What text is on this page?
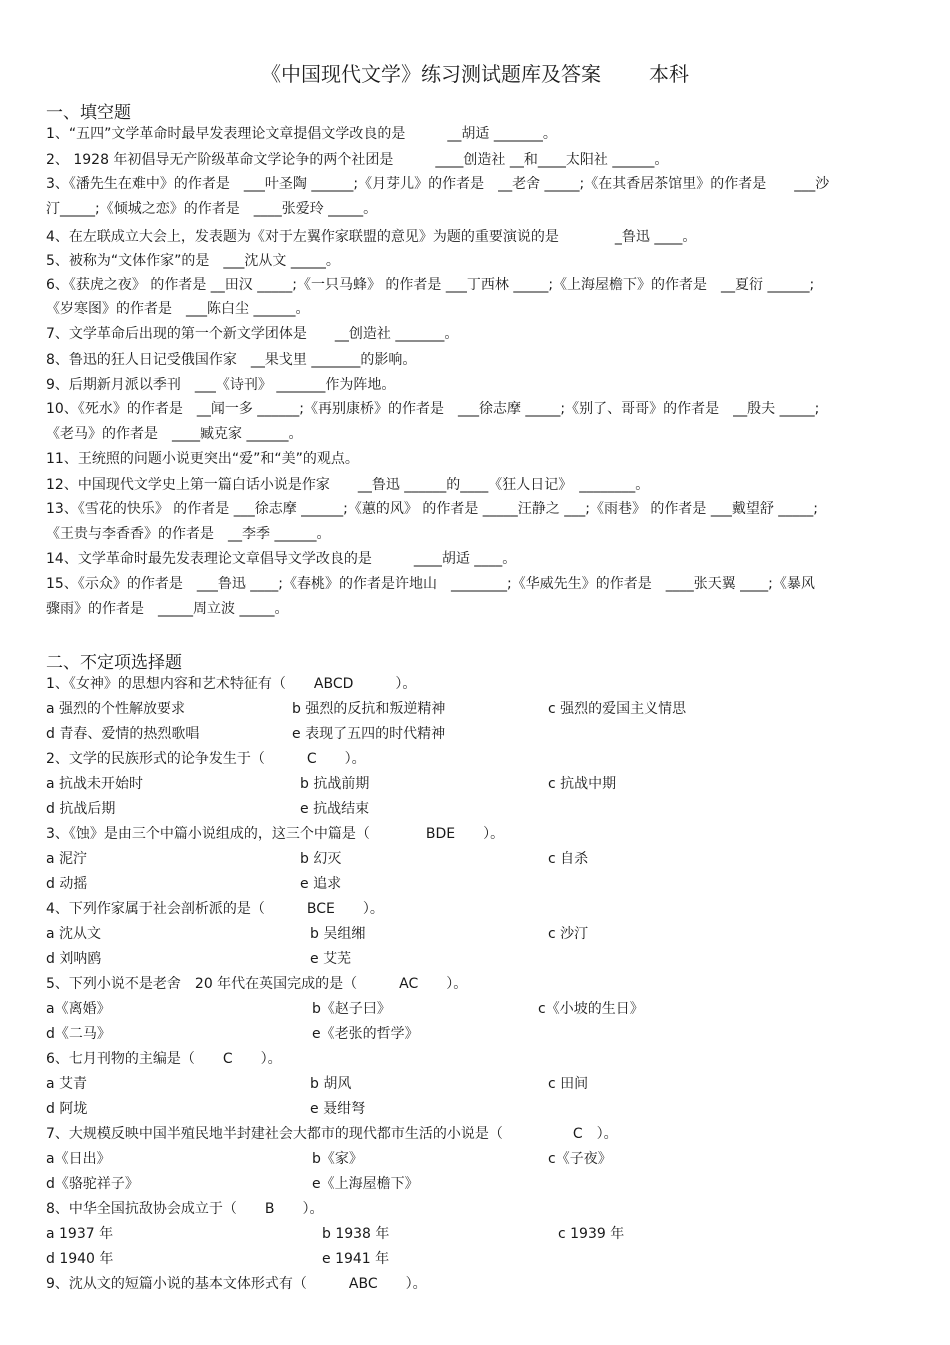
《中国现代文学》练习测试题库及答案 本科
一、填空题
1、“五四”文学革命时最早发表理论文章提倡文学改良的是　　　__胡适 _______。
2、 1928 年初倡导无产阶级革命文学论争的两个社团是　　　____创造社 __和____太阳社 ______。
3、《潘先生在难中》的作者是　___叶圣陶 ______;《月芽儿》的作者是　__老舍 _____;《在其香居茶馆里》的作者是　　___沙
汀_____;《倾城之恋》的作者是　____张爱玲 _____。
4、在左联成立大会上，发表题为《对于左翼作家联盟的意见》为题的重要演说的是　　　　_鲁迅 ____。
5、被称为“文体作家”的是　___沈从文 _____。
6、《获虎之夜》 的作者是 __田汉 _____;《一只马蜂》 的作者是 ___丁西林 _____;《上海屋檐下》的作者是　__夏衍 ______;
《岁寒图》的作者是　___陈白尘 ______。
7、文学革命后出现的第一个新文学团体是　　__创造社 _______。
8、鲁迅的狂人日记受俄国作家　__果戈里 _______的影响。
9、后期新月派以季刊　___《诗刊》 _______作为阵地。
10、《死水》的作者是　__闻一多 ______;《再别康桥》的作者是　___徐志摩 _____;《别了、哥哥》的作者是　__殷夫 _____;
《老马》的作者是　____臧克家 ______。
11、王统照的问题小说更突出“爱”和“美”的观点。
12、中国现代文学史上第一篇白话小说是作家　　__鲁迅 ______的____《狂人日记》　________。
13、《雪花的快乐》 的作者是 ___徐志摩 ______;《蕙的风》 的作者是 _____汪静之 ___;《雨巷》 的作者是 ___戴望舒 _____;
《王贵与李香香》的作者是　__李季 ______。
14、文学革命时最先发表理论文章倡导文学改良的是　　　____胡适 ____。
15、《示众》的作者是　___鲁迅 ____;《春桃》的作者是许地山　________;《华威先生》的作者是　____张天翼 ____;《暴风
骤雨》的作者是　_____周立波 _____。
二、不定项选择题
1、《女神》的思想内容和艺术特征有（　　ABCD　　　）。
a 强烈的个性解放要求	b 强烈的反抗和叛逆精神	c 强烈的爱国主义情思
d 青春、爱情的热烈歌唱	e 表现了五四的时代精神
2、文学的民族形式的论争发生于（　　　C　　）。
a 抗战未开始时	b 抗战前期	c 抗战中期
d 抗战后期	e 抗战结束
3、《蚀》是由三个中篇小说组成的，这三个中篇是（　　　　BDE　　）。
a 泥泞	b 幻灭	c 自杀
d 动摇	e 追求
4、下列作家属于社会剖析派的是（　　　BCE　　）。
a 沈从文	b 吴组缃	c 沙汀
d 刘呐鸥	e 艾芜
5、下列小说不是老舍　20 年代在英国完成的是（　　　AC　　）。
a《离婚》	b《赵子曰》	c《小坡的生日》
d《二马》	e《老张的哲学》
6、七月刊物的主编是（　　C　　）。
a 艾青	b 胡风	c 田间
d 阿垅	e 聂绀弩
7、大规模反映中国半殖民地半封建社会大都市的现代都市生活的小说是（　　　　　C　）。
a《日出》	b《家》	c《子夜》
d《骆驼祥子》	e《上海屋檐下》
8、中华全国抗敌协会成立于（　　B　　）。
a 1937 年	b 1938 年	c 1939 年
d 1940 年	e 1941 年
9、沈从文的短篇小说的基本文体形式有（　　　ABC　　）。
